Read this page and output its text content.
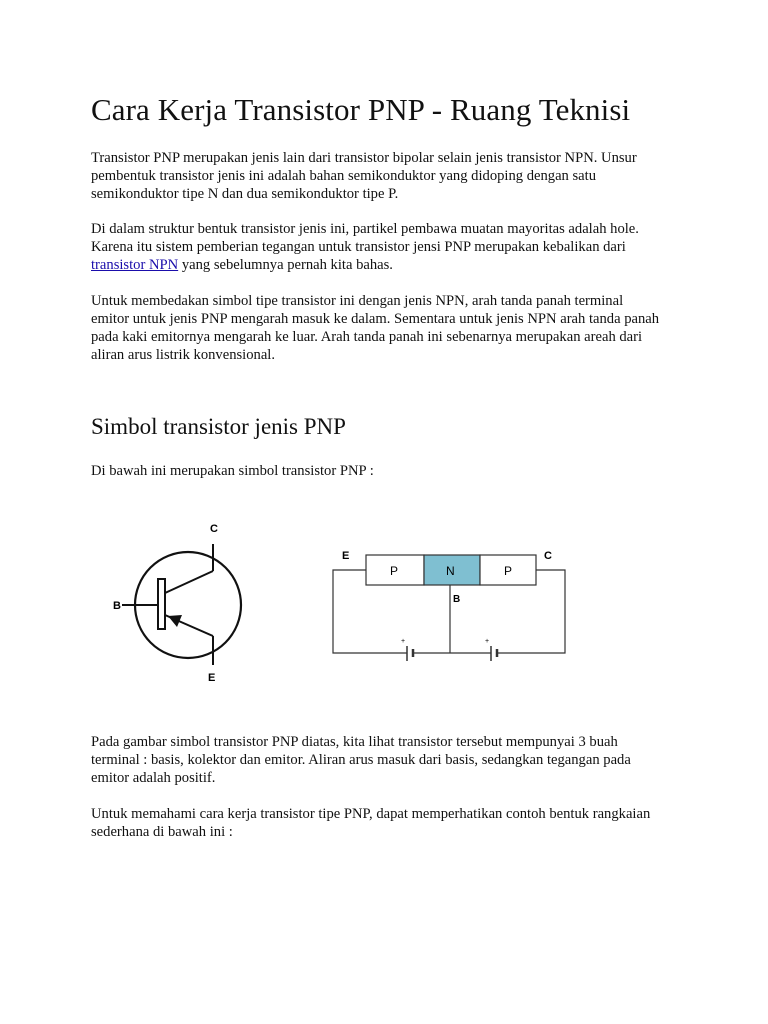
Cara Kerja Transistor PNP - Ruang Teknisi

Transistor PNP merupakan jenis lain dari transistor bipolar selain jenis transistor NPN. Unsur
pembentuk transistor jenis ini adalah bahan semikonduktor yang didoping dengan satu
semikonduktor tipe N dan dua semikonduktor tipe P.

Di dalam struktur bentuk transistor jenis ini, partikel pembawa muatan mayoritas adalah hole.
Karena itu sistem pemberian tegangan untuk transistor jensi PNP merupakan kebalikan dari
transistor NPN yang sebelumnya pernah kita bahas.

Untuk membedakan simbol tipe transistor ini dengan jenis NPN, arah tanda panah terminal
emitor untuk jenis PNP mengarah masuk ke dalam. Sementara untuk jenis NPN arah tanda panah
pada kaki emitornya mengarah ke luar. Arah tanda panah ini sebenarnya merupakan areah dari
aliran arus listrik konvensional.

Simbol transistor jenis PNP

Di bawah ini merupakan simbol transistor PNP :

Pada gambar simbol transistor PNP diatas, kita lihat transistor tersebut mempunyai 3 buah
terminal : basis, kolektor dan emitor. Aliran arus masuk dari basis, sedangkan tegangan pada
emitor adalah positif.

Untuk memahami cara kerja transistor tipe PNP, dapat memperhatikan contoh bentuk rangkaian
sederhana di bawah ini :

C
B
E
P	N	P
E	C
B
+	+
